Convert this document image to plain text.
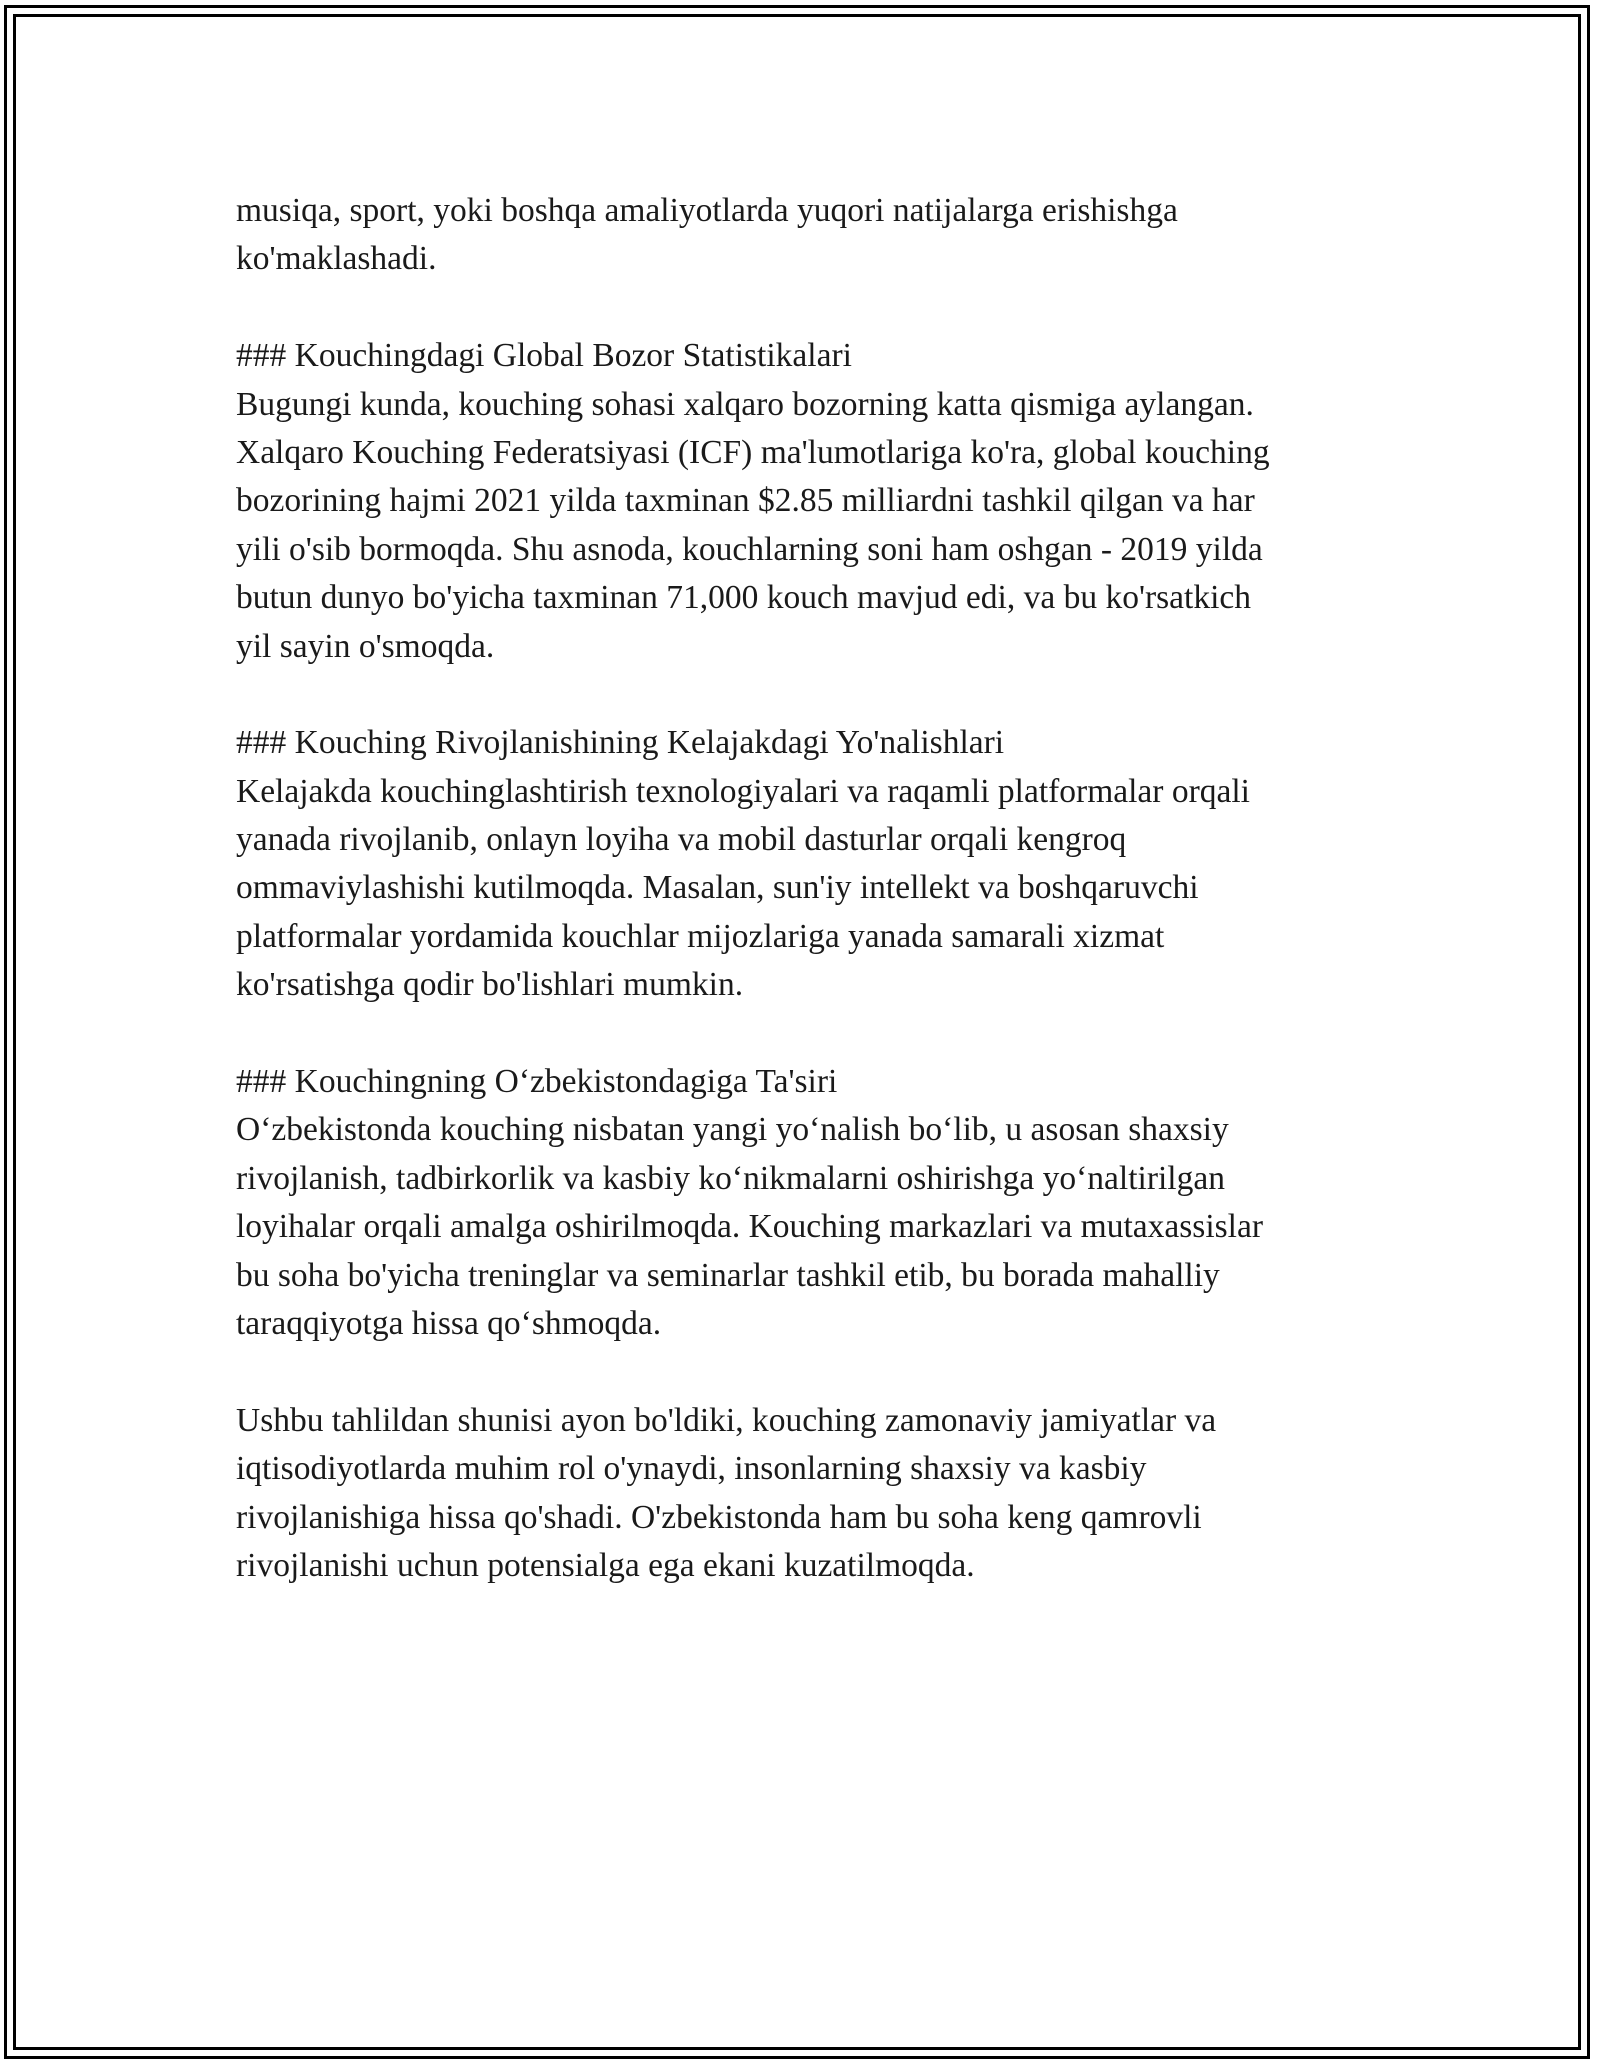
musiqa, sport, yoki boshqa amaliyotlarda yuqori natijalarga erishishga
ko'maklashadi.
### Kouchingdagi Global Bozor Statistikalari
Bugungi kunda, kouching sohasi xalqaro bozorning katta qismiga aylangan.
Xalqaro Kouching Federatsiyasi (ICF) ma'lumotlariga ko'ra, global kouching
bozorining hajmi 2021 yilda taxminan $2.85 milliardni tashkil qilgan va har
yili o'sib bormoqda. Shu asnoda, kouchlarning soni ham oshgan - 2019 yilda
butun dunyo bo'yicha taxminan 71,000 kouch mavjud edi, va bu ko'rsatkich
yil sayin o'smoqda.
### Kouching Rivojlanishining Kelajakdagi Yo'nalishlari
Kelajakda kouchinglashtirish texnologiyalari va raqamli platformalar orqali
yanada rivojlanib, onlayn loyiha va mobil dasturlar orqali kengroq
ommaviylashishi kutilmoqda. Masalan, sun'iy intellekt va boshqaruvchi
platformalar yordamida kouchlar mijozlariga yanada samarali xizmat
ko'rsatishga qodir bo'lishlari mumkin.
### Kouchingning O‘zbekistondagiga Ta'siri
O‘zbekistonda kouching nisbatan yangi yo‘nalish bo‘lib, u asosan shaxsiy
rivojlanish, tadbirkorlik va kasbiy ko‘nikmalarni oshirishga yo‘naltirilgan
loyihalar orqali amalga oshirilmoqda. Kouching markazlari va mutaxassislar
bu soha bo'yicha treninglar va seminarlar tashkil etib, bu borada mahalliy
taraqqiyotga hissa qo‘shmoqda.
Ushbu tahlildan shunisi ayon bo'ldiki, kouching zamonaviy jamiyatlar va
iqtisodiyotlarda muhim rol o'ynaydi, insonlarning shaxsiy va kasbiy
rivojlanishiga hissa qo'shadi. O'zbekistonda ham bu soha keng qamrovli
rivojlanishi uchun potensialga ega ekani kuzatilmoqda.
